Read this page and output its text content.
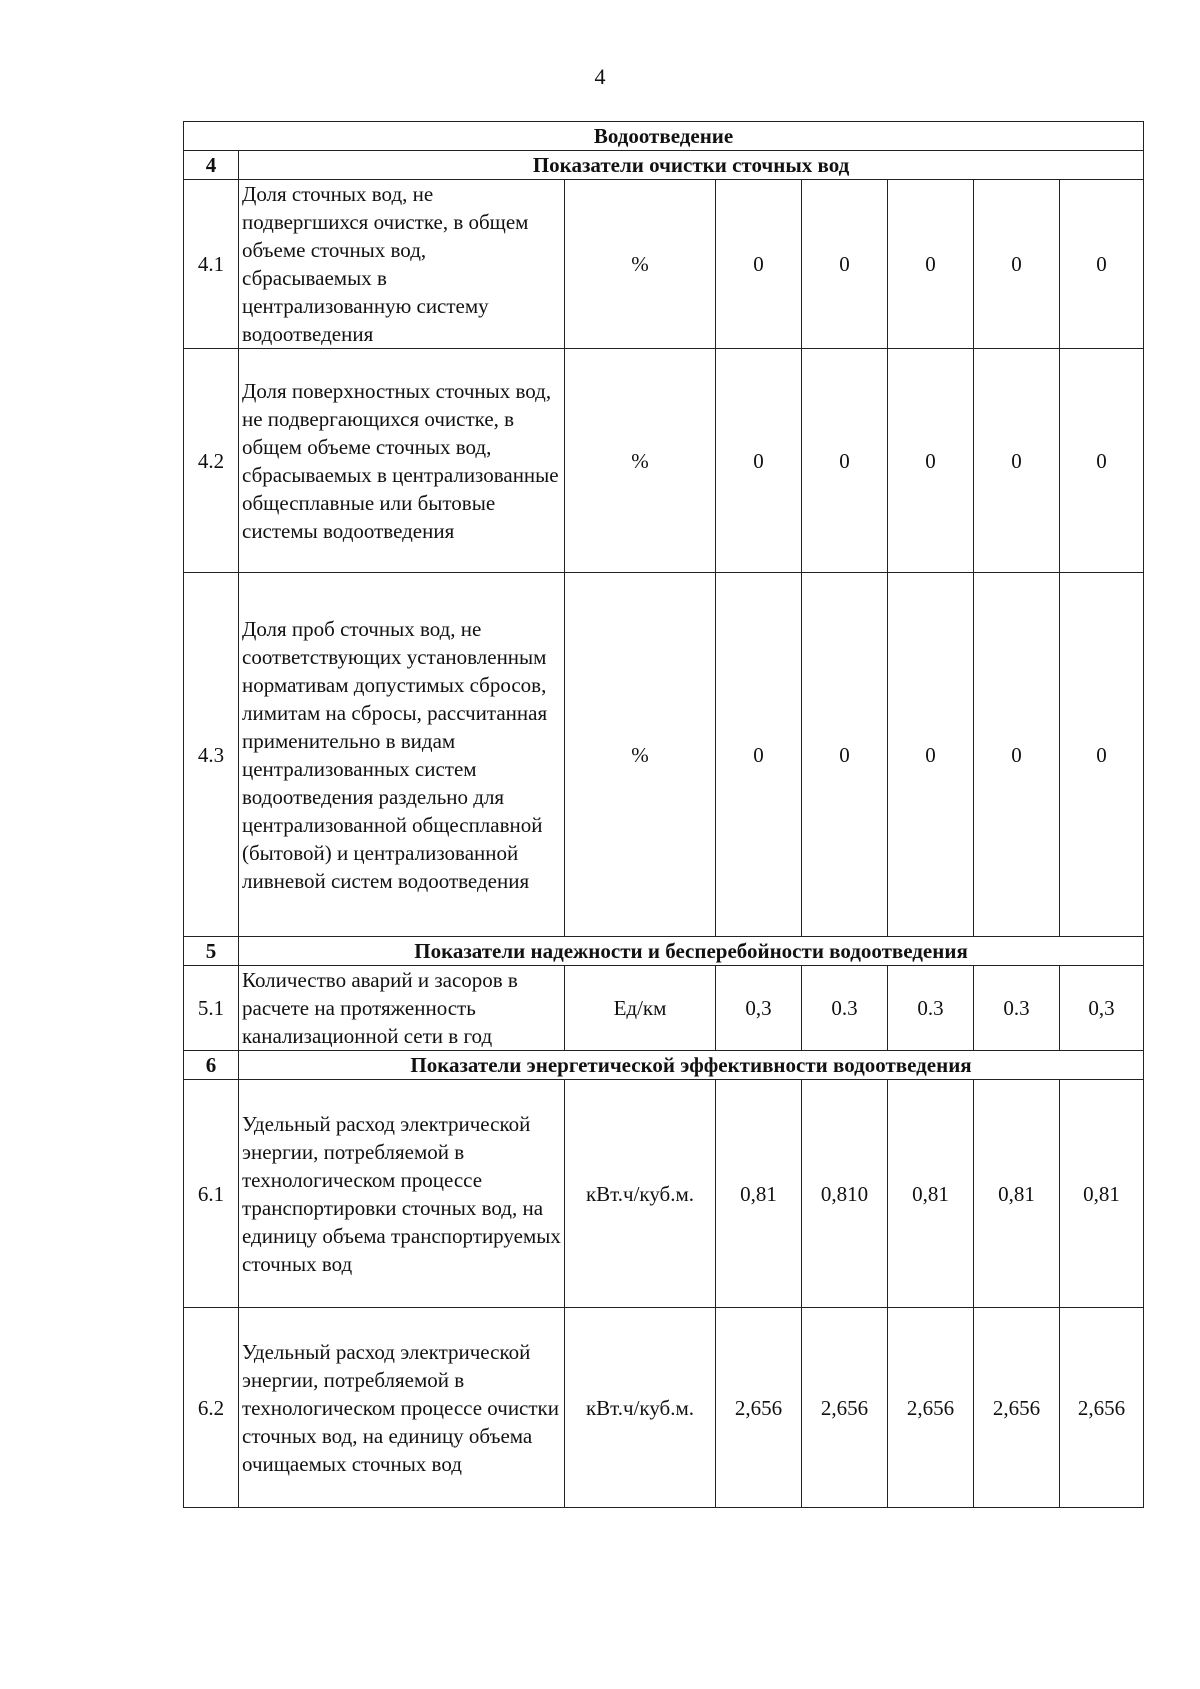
4
Водоотведение							
4	Показатели очистки сточных вод						
4.1	Доля сточных вод, не подвергшихся очистке, в общем объеме сточных вод, сбрасываемых в централизованную систему водоотведения	%	0	0	0	0	0
4.2	Доля поверхностных сточных вод, не подвергающихся очистке, в общем объеме сточных вод, сбрасываемых в централизованные общесплавные или бытовые системы водоотведения	%	0	0	0	0	0
4.3	Доля проб сточных вод, не соответствующих установленным нормативам допустимых сбросов, лимитам на сбросы, рассчитанная применительно в видам централизованных систем водоотведения раздельно для централизованной общесплавной (бытовой) и централизованной ливневой систем водоотведения	%	0	0	0	0	0
5	Показатели надежности и бесперебойности водоотведения						
5.1	Количество аварий и засоров в расчете на протяженность канализационной сети в год	Ед/км	0,3	0.3	0.3	0.3	0,3
6	Показатели энергетической эффективности водоотведения						
6.1	Удельный расход электрической энергии, потребляемой в технологическом процессе транспортировки сточных вод, на единицу объема транспортируемых сточных вод	кВт.ч/куб.м.	0,81	0,810	0,81	0,81	0,81
6.2	Удельный расход электрической энергии, потребляемой в технологическом процессе очистки сточных вод, на единицу объема очищаемых сточных вод	кВт.ч/куб.м.	2,656	2,656	2,656	2,656	2,656
